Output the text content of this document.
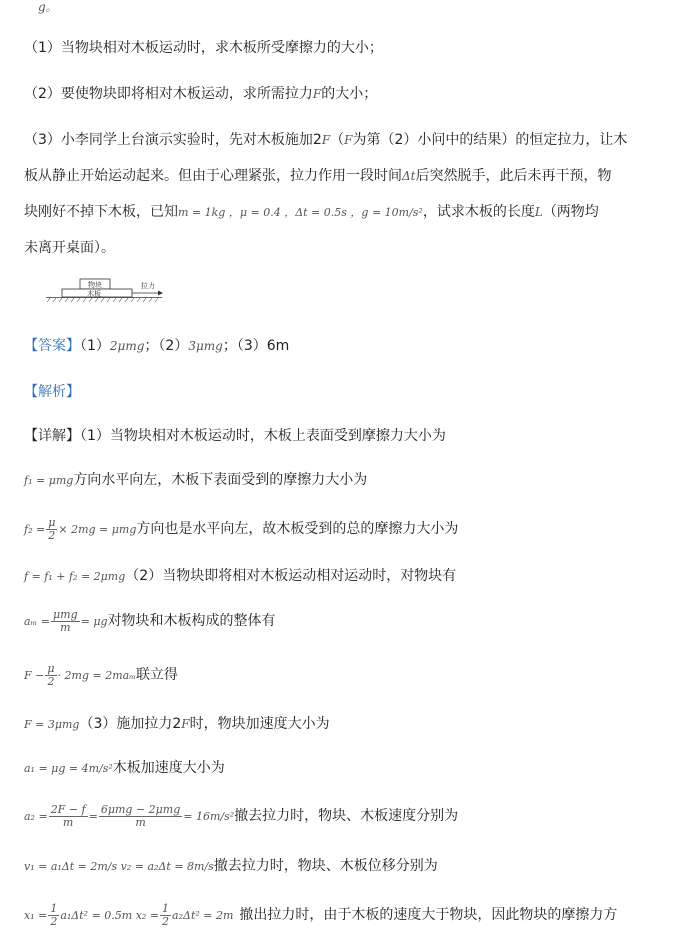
g。
（1）当物块相对木板运动时，求木板所受摩擦力的大小；
（2）要使物块即将相对木板运动，求所需拉力F的大小；
（3）小李同学上台演示实验时，先对木板施加2F（F为第（2）小问中的结果）的恒定拉力，让木
板从静止开始运动起来。但由于心理紧张，拉力作用一段时间Δt后突然脱手，此后未再干预，物
块刚好不掉下木板，已知m = 1kg ，μ = 0.4 ，Δt = 0.5s ，g = 10m/s²，试求木板的长度L（两物均
未离开桌面）。
物块
木板
拉力
【答案】（1）2μmg；（2）3μmg；（3）6m
【解析】
【详解】（1）当物块相对木板运动时，木板上表面受到摩擦力大小为
f₁ = μmg方向水平向左，木板下表面受到的摩擦力大小为
$f_2 = \frac{\mu}{2} \times 2mg = \mu mg$方向也是水平向左，故木板受到的总的摩擦力大小为
f = f₁ + f₂ = 2μmg（2）当物块即将相对木板运动相对运动时，对物块有
$a_m = \frac{\text{μmg}}{m} = \mu g$对物块和木板构成的整体有
$F - \frac{\mu}{2} \cdot 2mg = 2ma_m$联立得
F = 3μmg（3）施加拉力2F时，物块加速度大小为
a₁ = μg = 4m/s²木板加速度大小为
$a_2 = \frac{2F - f}{m} = \frac{\text{6μmg − 2μmg}}{m} = 16m/s^2$撤去拉力时，物块、木板速度分别为
v₁ = a₁Δt = 2m/s v₂ = a₂Δt = 8m/s撤去拉力时，物块、木板位移分别为
$x_1 = \frac{1}{2} a_1\Delta t^2 = 0.5m$ $x_2 = \frac{1}{2} a_2\Delta t^2 = 2m$ 撤出拉力时，由于木板的速度大于物块，因此物块的摩擦力方
